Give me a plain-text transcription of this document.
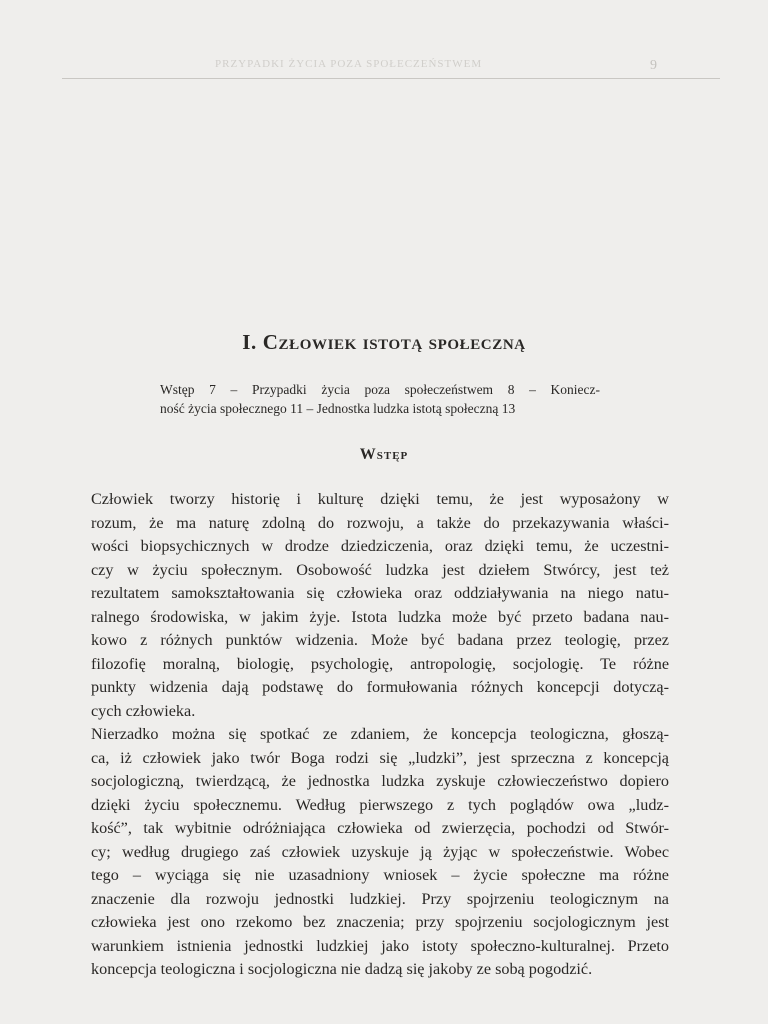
PRZYPADKI ŻYCIA POZA SPOŁECZEŃSTWEM	9
I. Człowiek istotą społeczną
Wstęp 7 – Przypadki życia poza społeczeństwem 8 – Koniecz-
ność życia społecznego 11 – Jednostka ludzka istotą społeczną 13
Wstęp
Człowiek tworzy historię i kulturę dzięki temu, że jest wyposażony w
rozum, że ma naturę zdolną do rozwoju, a także do przekazywania właści-
wości biopsychicznych w drodze dziedziczenia, oraz dzięki temu, że uczestni-
czy w życiu społecznym. Osobowość ludzka jest dziełem Stwórcy, jest też
rezultatem samokształtowania się człowieka oraz oddziaływania na niego natu-
ralnego środowiska, w jakim żyje. Istota ludzka może być przeto badana nau-
kowo z różnych punktów widzenia. Może być badana przez teologię, przez
filozofię moralną, biologię, psychologię, antropologię, socjologię. Te różne
punkty widzenia dają podstawę do formułowania różnych koncepcji dotyczą-
cych człowieka.
Nierzadko można się spotkać ze zdaniem, że koncepcja teologiczna, głoszą-
ca, iż człowiek jako twór Boga rodzi się „ludzki”, jest sprzeczna z koncepcją
socjologiczną, twierdzącą, że jednostka ludzka zyskuje człowieczeństwo dopiero
dzięki życiu społecznemu. Według pierwszego z tych poglądów owa „ludz-
kość”, tak wybitnie odróżniająca człowieka od zwierzęcia, pochodzi od Stwór-
cy; według drugiego zaś człowiek uzyskuje ją żyjąc w społeczeństwie. Wobec
tego – wyciąga się nie uzasadniony wniosek – życie społeczne ma różne
znaczenie dla rozwoju jednostki ludzkiej. Przy spojrzeniu teologicznym na
człowieka jest ono rzekomo bez znaczenia; przy spojrzeniu socjologicznym jest
warunkiem istnienia jednostki ludzkiej jako istoty społeczno-kulturalnej. Przeto
koncepcja teologiczna i socjologiczna nie dadzą się jakoby ze sobą pogodzić.
